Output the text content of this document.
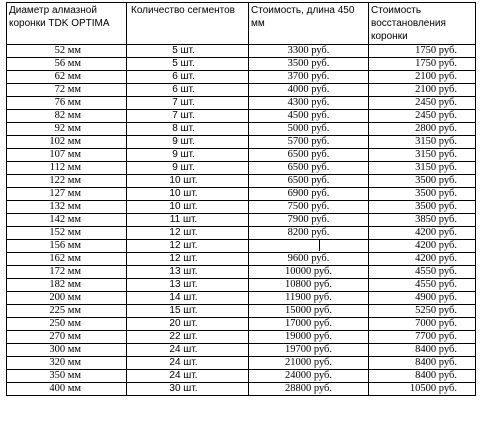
Диаметр алмазной коронки TDK OPTIMA	Количество сегментов	Стоимость, длина 450 мм	Стоимость восстановления коронки
52 мм	5 шт.	3300 руб.	1750 руб.
56 мм	5 шт.	3500 руб.	1750 руб.
62 мм	6 шт.	3700 руб.	2100 руб.
72 мм	6 шт.	4000 руб.	2100 руб.
76 мм	7 шт.	4300 руб.	2450 руб.
82 мм	7 шт.	4500 руб.	2450 руб.
92 мм	8 шт.	5000 руб.	2800 руб.
102 мм	9 шт.	5700 руб.	3150 руб.
107 мм	9 шт.	6500 руб.	3150 руб.
112 мм	9 шт.	6500 руб.	3150 руб.
122 мм	10 шт.	6500 руб.	3500 руб.
127 мм	10 шт.	6900 руб.	3500 руб.
132 мм	10 шт.	7500 руб.	3500 руб.
142 мм	11 шт.	7900 руб.	3850 руб.
152 мм	12 шт.	8200 руб.	4200 руб.
156 мм	12 шт.		4200 руб.
162 мм	12 шт.	9600 руб.	4200 руб.
172 мм	13 шт.	10000 руб.	4550 руб.
182 мм	13 шт.	10800 руб.	4550 руб.
200 мм	14 шт.	11900 руб.	4900 руб.
225 мм	15 шт.	15000 руб.	5250 руб.
250 мм	20 шт.	17000 руб.	7000 руб.
270 мм	22 шт.	19000 руб.	7700 руб.
300 мм	24 шт.	19700 руб.	8400 руб.
320 мм	24 шт.	21000 руб.	8400 руб.
350 мм	24 шт.	24000 руб.	8400 руб.
400 мм	30 шт.	28800 руб.	10500 руб.
